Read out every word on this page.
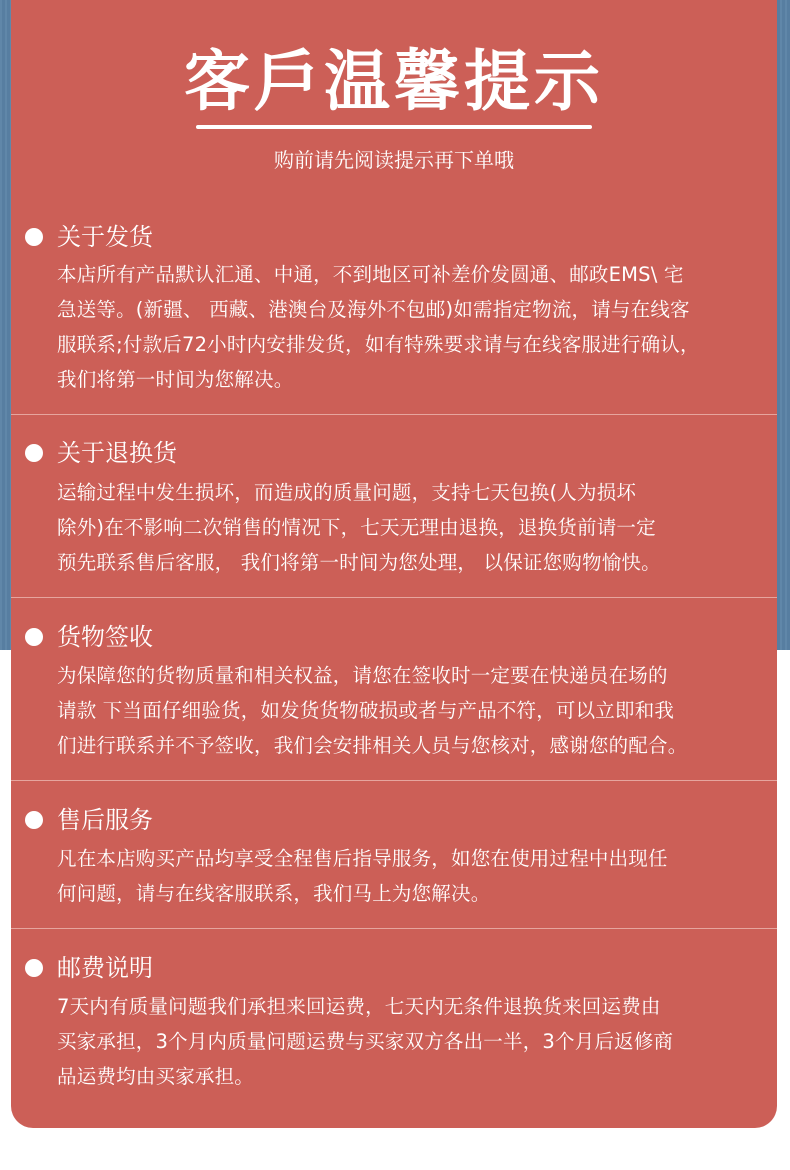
客戶温馨提示

购前请先阅读提示再下单哦

关于发货
本店所有产品默认汇通、中通，不到地区可补差价发圆通、邮政EMS\ 宅
急送等。(新疆、 西藏、港澳台及海外不包邮)如需指定物流，请与在线客
服联系;付款后72小时内安排发货，如有特殊要求请与在线客服进行确认，
我们将第一时间为您解决。
关于退换货
运输过程中发生损坏，而造成的质量问题，支持七天包换(人为损坏
除外)在不影响二次销售的情况下，七天无理由退换，退换货前请一定
预先联系售后客服， 我们将第一时间为您处理， 以保证您购物愉快。
货物签收
为保障您的货物质量和相关权益，请您在签收时一定要在快递员在场的
请款 下当面仔细验货，如发货货物破损或者与产品不符，可以立即和我
们进行联系并不予签收，我们会安排相关人员与您核对，感谢您的配合。
售后服务
凡在本店购买产品均享受全程售后指导服务，如您在使用过程中出现任
何问题，请与在线客服联系，我们马上为您解决。
邮费说明
7天内有质量问题我们承担来回运费，七天内无条件退换货来回运费由
买家承担，3个月内质量问题运费与买家双方各出一半，3个月后返修商
品运费均由买家承担。
